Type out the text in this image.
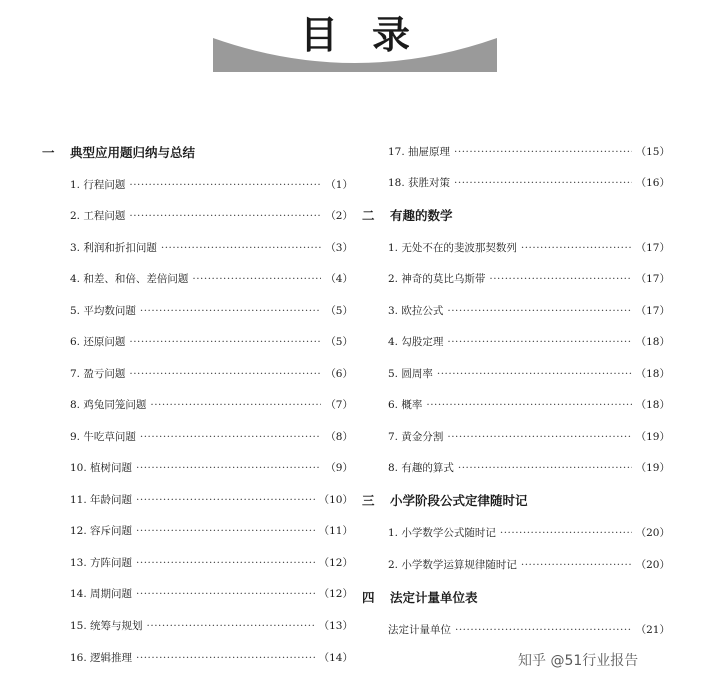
目录
一 典型应用题归纳与总结
1. 行程问题 ·····	（1）
2. 工程问题 ·····	（2）
3. 利润和折扣问题 ·····	（3）
4. 和差、和倍、差倍问题 ·····	（4）
5. 平均数问题 ·····	（5）
6. 还原问题 ·····	（5）
7. 盈亏问题 ·····	（6）
8. 鸡兔同笼问题 ·····	（7）
9. 牛吃草问题 ·····	（8）
10. 植树问题 ·····	（9）
11. 年龄问题 ·····	（10）
12. 容斥问题 ·····	（11）
13. 方阵问题 ·····	（12）
14. 周期问题 ·····	（12）
15. 统筹与规划 ·····	（13）
16. 逻辑推理 ·····	（14）
17. 抽屉原理 ·····	（15）
18. 获胜对策 ·····	（16）
二 有趣的数学
1. 无处不在的斐波那契数列 ·····	（17）
2. 神奇的莫比乌斯带 ·····	（17）
3. 欧拉公式 ·····	（17）
4. 勾股定理 ·····	（18）
5. 圆周率 ·····	（18）
6. 概率 ·····	（18）
7. 黄金分割 ·····	（19）
8. 有趣的算式 ·····	（19）
三 小学阶段公式定律随时记
1. 小学数学公式随时记 ·····	（20）
2. 小学数学运算规律随时记 ·····	（20）
四 法定计量单位表
法定计量单位 ·····	（21）
知乎 @51行业报告
